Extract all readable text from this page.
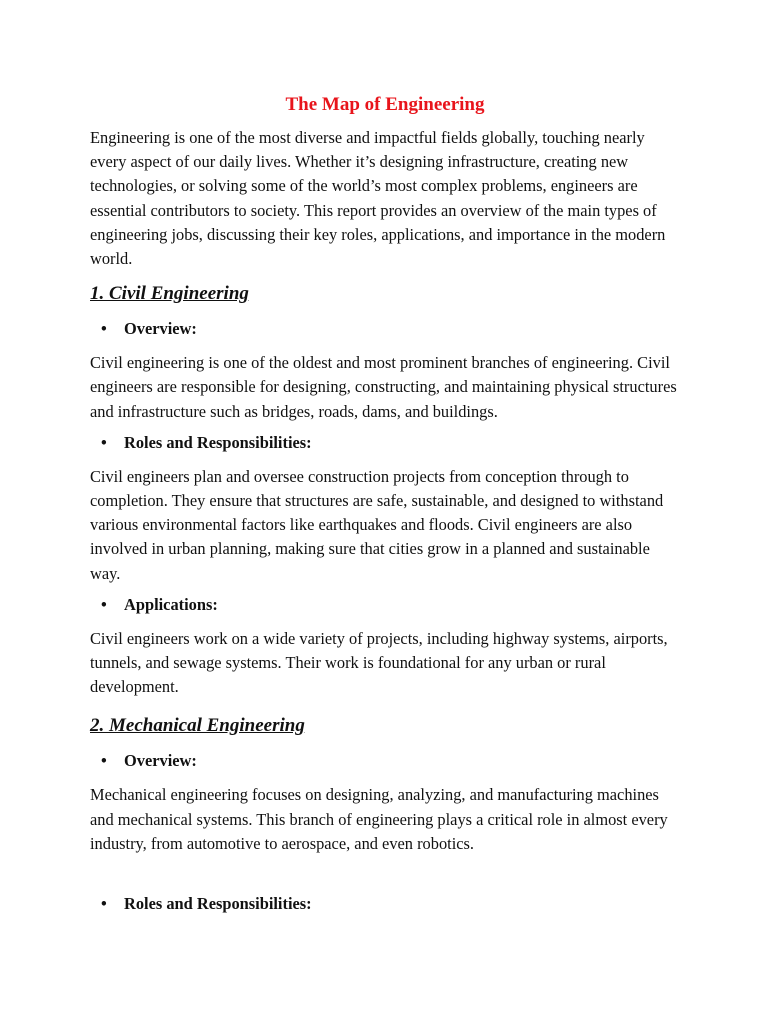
The Map of Engineering

Engineering is one of the most diverse and impactful fields globally, touching nearly every aspect of our daily lives. Whether it’s designing infrastructure, creating new technologies, or solving some of the world’s most complex problems, engineers are essential contributors to society. This report provides an overview of the main types of engineering jobs, discussing their key roles, applications, and importance in the modern world.

1. Civil Engineering
• Overview:

Civil engineering is one of the oldest and most prominent branches of engineering. Civil engineers are responsible for designing, constructing, and maintaining physical structures and infrastructure such as bridges, roads, dams, and buildings.

• Roles and Responsibilities:

Civil engineers plan and oversee construction projects from conception through to completion. They ensure that structures are safe, sustainable, and designed to withstand various environmental factors like earthquakes and floods. Civil engineers are also involved in urban planning, making sure that cities grow in a planned and sustainable way.

• Applications:

Civil engineers work on a wide variety of projects, including highway systems, airports, tunnels, and sewage systems. Their work is foundational for any urban or rural development.

2. Mechanical Engineering
• Overview:

Mechanical engineering focuses on designing, analyzing, and manufacturing machines and mechanical systems. This branch of engineering plays a critical role in almost every industry, from automotive to aerospace, and even robotics.

• Roles and Responsibilities:
